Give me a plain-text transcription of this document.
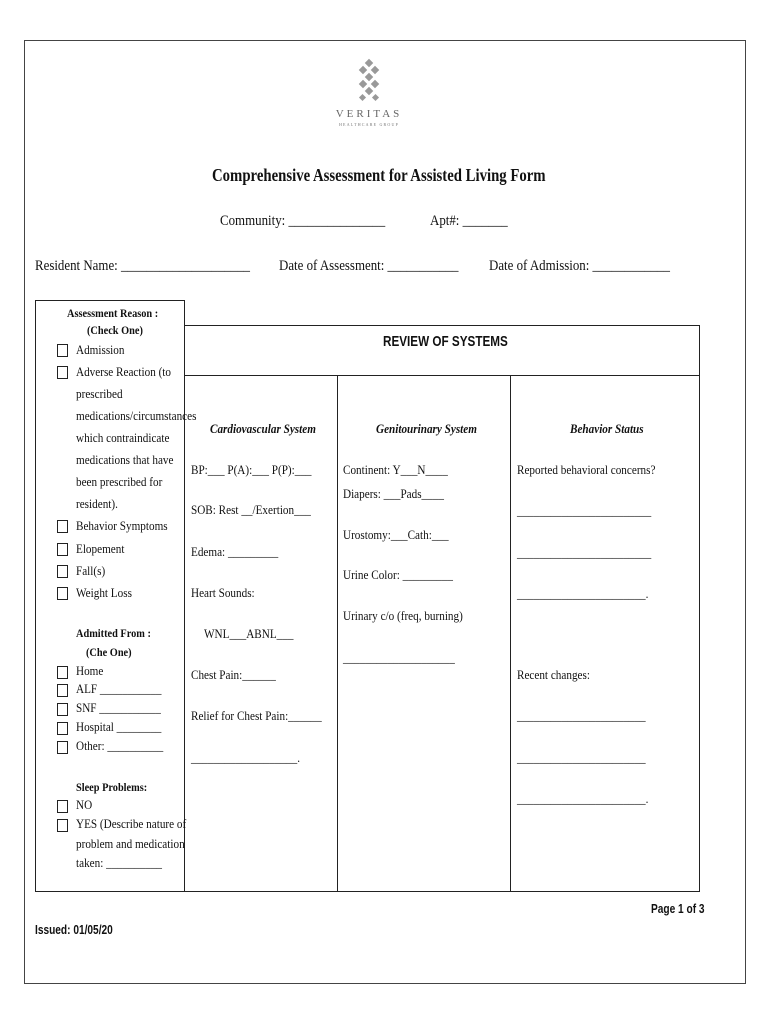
VERITAS
HEALTHCARE GROUP
Comprehensive Assessment for Assisted Living Form
Community: _______________	Apt#: _______
Resident Name: ____________________ Date of Assessment: ___________ Date of Admission: ____________
Assessment Reason :
(Check One)
Admission
Adverse Reaction (to
prescribed
medications/circumstances
which contraindicate
medications that have
been prescribed for
resident).
Behavior Symptoms
Elopement
Fall(s)
Weight Loss
Admitted From :
(Che One)
Home
ALF ___________
SNF ___________
Hospital ________
Other: __________
Sleep Problems:
NO
YES (Describe nature of
problem and medication
taken: __________
REVIEW OF SYSTEMS
Cardiovascular System
BP:___ P(A):___ P(P):___
SOB: Rest __/Exertion___
Edema: _________
Heart Sounds:
WNL___ABNL___
Chest Pain:______
Relief for Chest Pain:______
___________________.
Genitourinary System
Continent: Y___N____
Diapers: ___Pads____
Urostomy:___Cath:___
Urine Color: _________
Urinary c/o (freq, burning)
____________________
Behavior Status
Reported behavioral concerns?
________________________
________________________
_______________________.
Recent changes:
_______________________
_______________________
_______________________.
Page 1 of 3
Issued: 01/05/20
